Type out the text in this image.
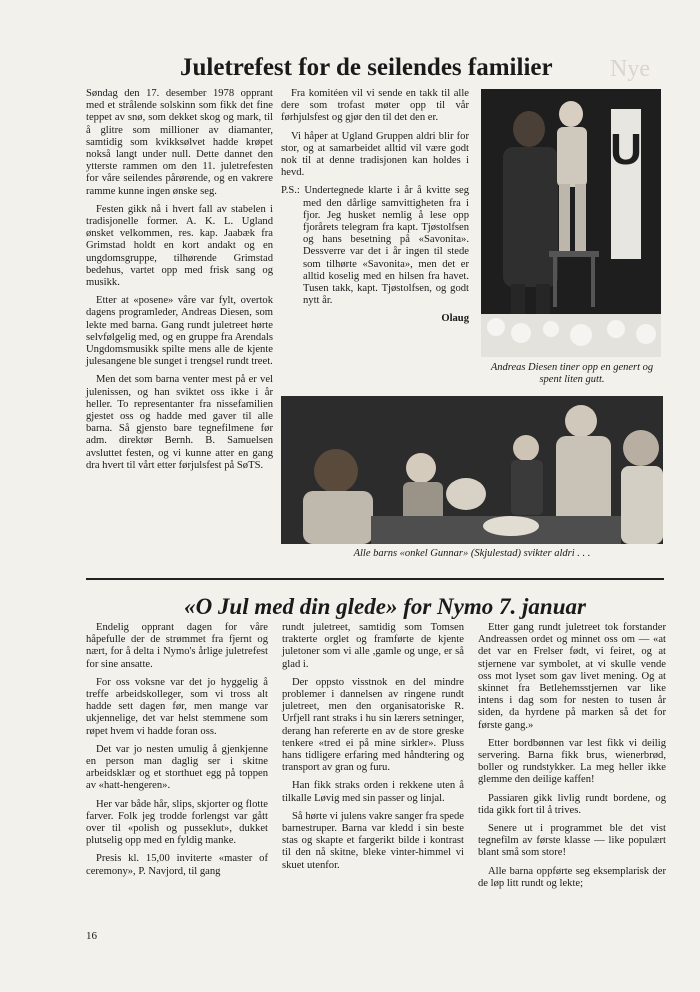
Nye
Juletrefest for de seilendes familier

Søndag den 17. desember 1978 opprant med et strålende solskinn som fikk det fine teppet av snø, som dekket skog og mark, til å glitre som millioner av diamanter, samtidig som kvikksølvet hadde krøpet nokså langt under null. Dette dannet den ytterste rammen om den 11. juletrefesten for våre seilendes pårørende, og en vakrere ramme kunne ingen ønske seg.

Festen gikk nå i hvert fall av stabelen i tradisjonelle former. A. K. L. Ugland ønsket velkommen, res. kap. Jaabæk fra Grimstad holdt en kort andakt og en ungdomsgruppe, tilhørende Grimstad bedehus, vartet opp med frisk sang og musikk.

Etter at «posene» våre var fylt, overtok dagens programleder, Andreas Diesen, som lekte med barna. Gang rundt juletreet hørte selvfølgelig med, og en gruppe fra Arendals Ungdomsmusikk spilte mens alle de kjente julesangene ble sunget i trengsel rundt treet.

Men det som barna venter mest på er vel julenissen, og han sviktet oss ikke i år heller. To representanter fra nissefamilien gjestet oss og hadde med gaver til alle barna. Så gjensto bare tegnefilmene før adm. direktør Bernh. B. Samuelsen avsluttet festen, og vi kunne atter en gang dra hvert til vårt etter førjulsfest på SøTS.

Fra komitéen vil vi sende en takk til alle dere som trofast møter opp til vår førhjulsfest og gjør den til det den er.

Vi håper at Ugland Gruppen aldri blir for stor, og at samarbeidet alltid vil være godt nok til at denne tradisjonen kan holdes i hevd.

P.S.: Undertegnede klarte i år å kvitte seg med den dårlige samvittigheten fra i fjor. Jeg husket nemlig å lese opp fjorårets telegram fra kapt. Tjøstolfsen og hans besetning på «Savonita». Dessverre var det i år ingen til stede som tilhørte «Savonita», men det er alltid koselig med en hilsen fra havet. Tusen takk, kapt. Tjøstolfsen, og godt nytt år.

Olaug
U
Andreas Diesen tiner opp en genert og spent liten gutt.
Alle barns «onkel Gunnar» (Skjulestad) svikter aldri . . .
«O Jul med din glede» for Nymo 7. januar

Endelig opprant dagen for våre håpefulle der de strømmet fra fjernt og nært, for å delta i Nymo's årlige juletrefest for sine ansatte.

For oss voksne var det jo hyggelig å treffe arbeidskolleger, som vi tross alt hadde sett dagen før, men mange var ukjennelige, det var helst stemmene som røpet hvem vi hadde foran oss.

Det var jo nesten umulig å gjenkjenne en person man daglig ser i skitne arbeidsklær og et storthuet egg på toppen av «hatt-hengeren».

Her var både hår, slips, skjorter og flotte farver. Folk jeg trodde forlengst var gått over til «polish og pusseklut», dukket plutselig opp med en fyldig manke.

Presis kl. 15,00 inviterte «master of ceremony», P. Navjord, til gang

rundt juletreet, samtidig som Tomsen trakterte orglet og framførte de kjente juletoner som vi alle ,gamle og unge, er så glad i.

Der oppsto visstnok en del mindre problemer i dannelsen av ringene rundt juletreet, men den organisatoriske R. Urfjell rant straks i hu sin lærers setninger, derang han refererte en av de store greske tenkere «tred ei på mine sirkler». Pluss hans tidligere erfaring med håndtering og transport av gran og furu.

Han fikk straks orden i rekkene uten å tilkalle Løvig med sin passer og linjal.

Så hørte vi julens vakre sanger fra spede barnestruper. Barna var kledd i sin beste stas og skapte et fargerikt bilde i kontrast til den nå skitne, bleke vinter-himmel vi skuet utenfor.

Etter gang rundt juletreet tok forstander Andreassen ordet og minnet oss om — «at det var en Frelser født, vi feiret, og at stjernene var symbolet, at vi skulle vende oss mot lyset som gav livet mening. Og at skinnet fra Betlehemsstjernen var like intens i dag som for nesten to tusen år siden, da hyrdene på marken så det for første gang.»

Etter bordbønnen var lest fikk vi deilig servering. Barna fikk brus, wienerbrød, boller og rundstykker. La meg heller ikke glemme den deilige kaffen!

Passiaren gikk livlig rundt bordene, og tida gikk fort til å trives.

Senere ut i programmet ble det vist tegnefilm av første klasse — like populært blant små som store!

Alle barna oppførte seg eksemplarisk der de løp litt rundt og lekte;

16
